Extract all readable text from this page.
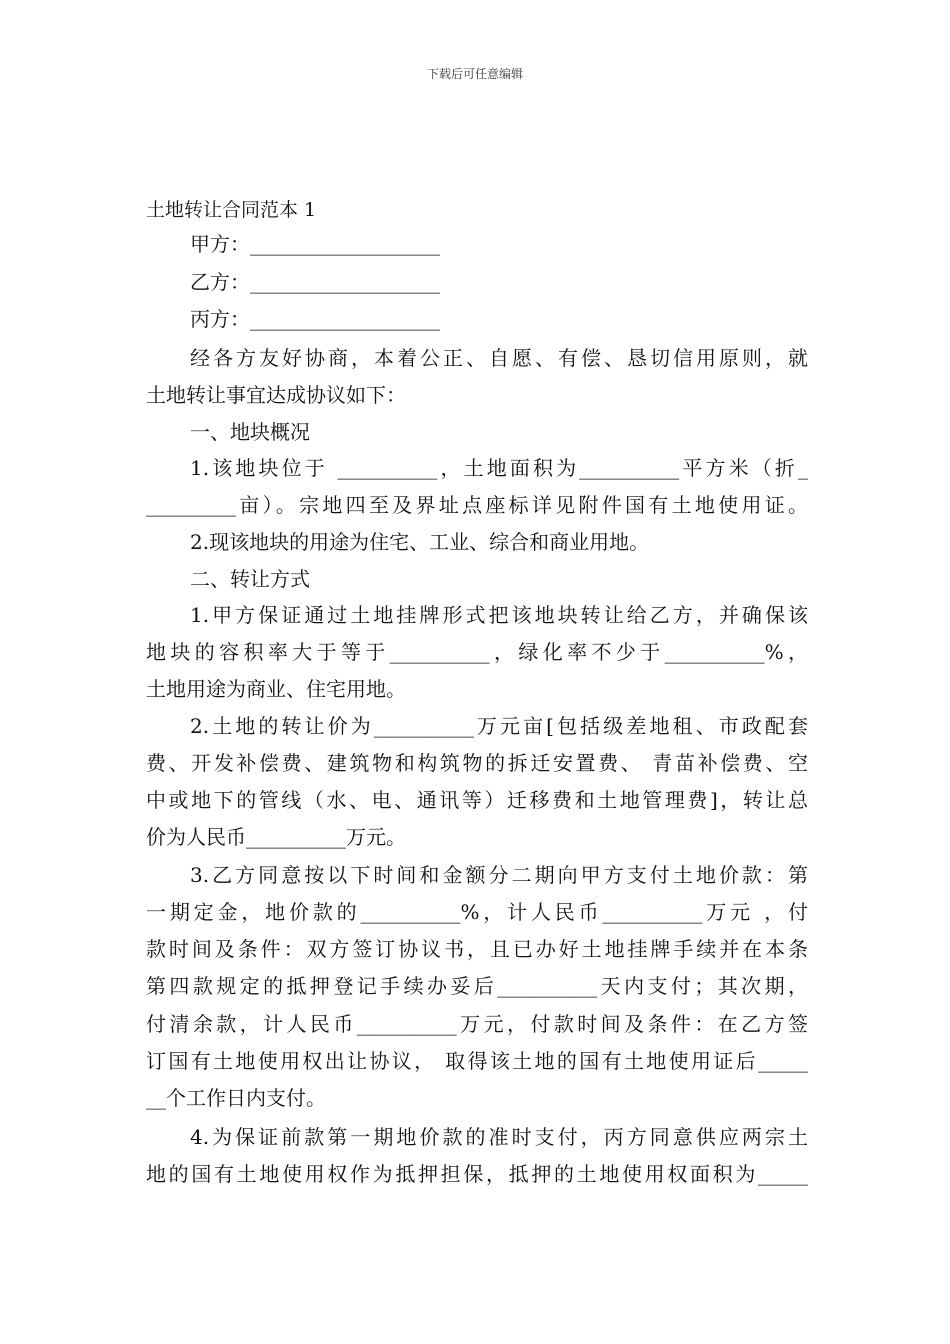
下载后可任意编辑
土地转让合同范本 1
甲方：___________________
乙方：___________________
丙方：___________________
经各方友好协商，本着公正、自愿、有偿、恳切信用原则，就
土地转让事宜达成协议如下：
一、地块概况
1.该地块位于 __________，土地面积为__________平方米（折_
_________亩）。宗地四至及界址点座标详见附件国有土地使用证。
2.现该地块的用途为住宅、工业、综合和商业用地。
二、转让方式
1.甲方保证通过土地挂牌形式把该地块转让给乙方，并确保该
地块的容积率大于等于__________，绿化率不少于__________%，
土地用途为商业、住宅用地。
2.土地的转让价为__________万元亩[包括级差地租、市政配套
费、开发补偿费、建筑物和构筑物的拆迁安置费、 青苗补偿费、空
中或地下的管线（水、电、通讯等）迁移费和土地管理费]，转让总
价为人民币__________万元。
3.乙方同意按以下时间和金额分二期向甲方支付土地价款：第
一期定金，地价款的__________%，计人民币__________万元 ，付
款时间及条件：双方签订协议书，且已办好土地挂牌手续并在本条
第四款规定的抵押登记手续办妥后__________天内支付；其次期，
付清余款，计人民币__________万元，付款时间及条件：在乙方签
订国有土地使用权出让协议， 取得该土地的国有土地使用证后_____
__个工作日内支付。
4.为保证前款第一期地价款的准时支付，丙方同意供应两宗土
地的国有土地使用权作为抵押担保，抵押的土地使用权面积为_____
